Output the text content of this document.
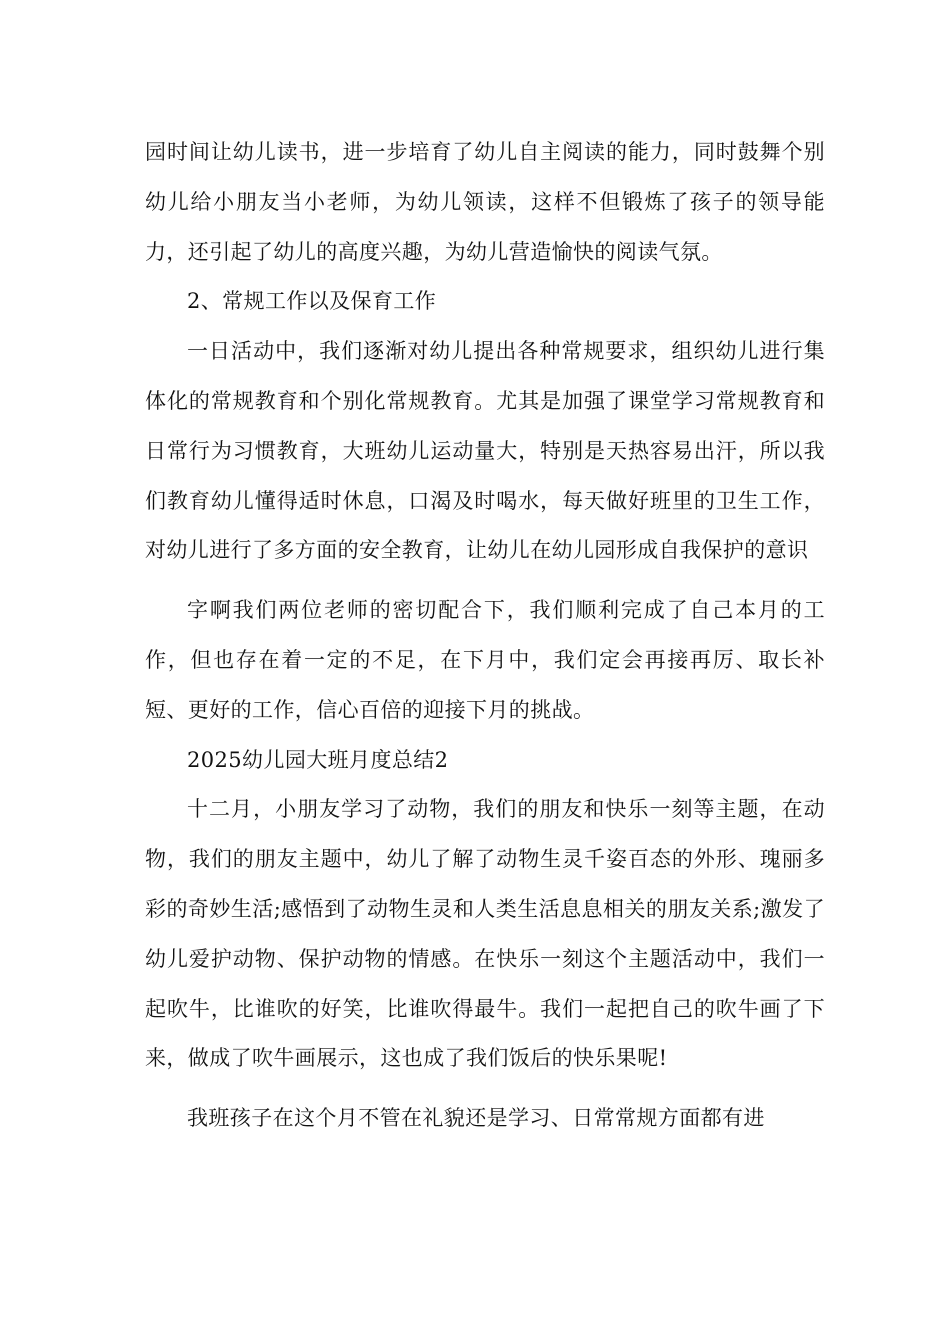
园时间让幼儿读书，进一步培育了幼儿自主阅读的能力，同时鼓舞个别幼儿给小朋友当小老师，为幼儿领读，这样不但锻炼了孩子的领导能力，还引起了幼儿的高度兴趣，为幼儿营造愉快的阅读气氛。

2、常规工作以及保育工作

一日活动中，我们逐渐对幼儿提出各种常规要求，组织幼儿进行集体化的常规教育和个别化常规教育。尤其是加强了课堂学习常规教育和日常行为习惯教育，大班幼儿运动量大，特别是天热容易出汗，所以我们教育幼儿懂得适时休息，口渴及时喝水，每天做好班里的卫生工作，对幼儿进行了多方面的安全教育，让幼儿在幼儿园形成自我保护的意识

字啊我们两位老师的密切配合下，我们顺利完成了自己本月的工作，但也存在着一定的不足，在下月中，我们定会再接再厉、取长补短、更好的工作，信心百倍的迎接下月的挑战。

2025幼儿园大班月度总结2

十二月，小朋友学习了动物，我们的朋友和快乐一刻等主题，在动物，我们的朋友主题中，幼儿了解了动物生灵千姿百态的外形、瑰丽多彩的奇妙生活;感悟到了动物生灵和人类生活息息相关的朋友关系;激发了幼儿爱护动物、保护动物的情感。在快乐一刻这个主题活动中，我们一起吹牛，比谁吹的好笑，比谁吹得最牛。我们一起把自己的吹牛画了下来，做成了吹牛画展示，这也成了我们饭后的快乐果呢!

我班孩子在这个月不管在礼貌还是学习、日常常规方面都有进
